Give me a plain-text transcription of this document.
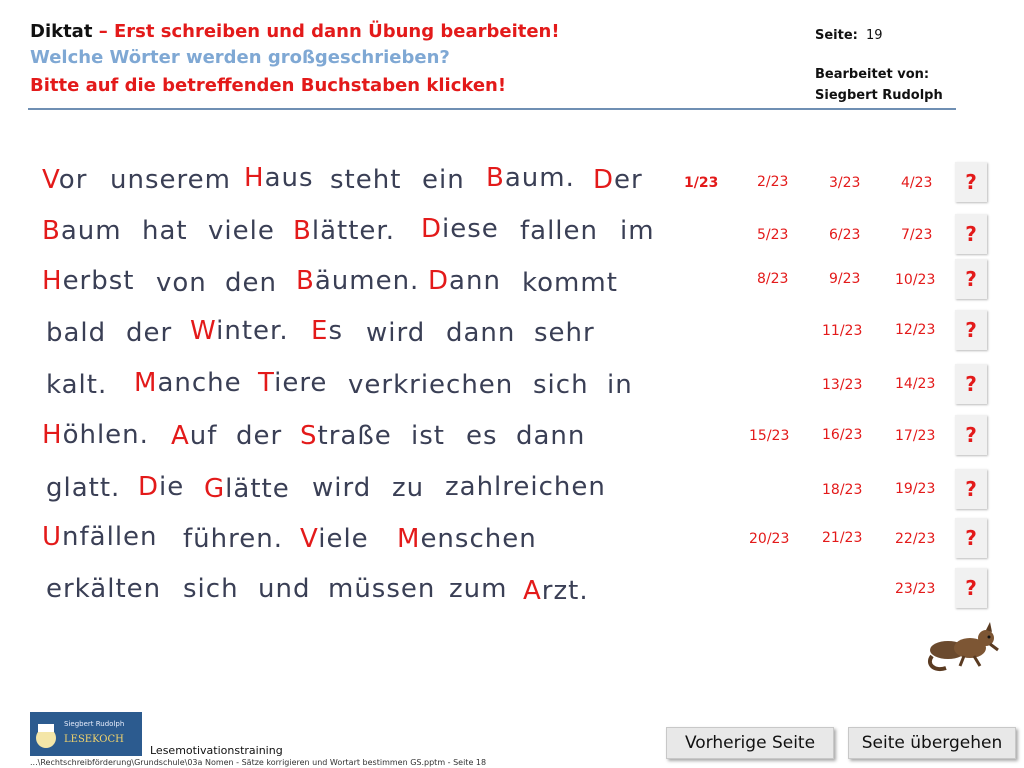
Diktat – Erst schreiben und dann Übung bearbeiten!
Welche Wörter werden großgeschrieben?
Bitte auf die betreffenden Buchstaben klicken!
Seite: 19
Bearbeitet von:
Siegbert Rudolph
Vor unserem Haus steht ein Baum. Der
Baum hat viele Blätter. Diese fallen im
Herbst von den Bäumen. Dann kommt
bald der Winter. Es wird dann sehr
kalt. Manche Tiere verkriechen sich in
Höhlen. Auf der Straße ist es dann
glatt. Die Glätte wird zu zahlreichen
Unfällen führen. Viele Menschen
erkälten sich und müssen zum Arzt.
1/23	2/23	3/23	4/23
5/23	6/23	7/23
8/23	9/23 10/23
11/23 12/23
13/23 14/23
15/23 16/23 17/23
18/23 19/23
20/23 21/23 22/23
23/23
?
?
?
?
?
?
?
?
?
Siegbert Rudolph
LESEKOCH
Lesemotivationstraining
...\Rechtschreibförderung\Grundschule\03a Nomen - Sätze korrigieren und Wortart bestimmen GS.pptm - Seite 18
Vorherige Seite	Seite übergehen
